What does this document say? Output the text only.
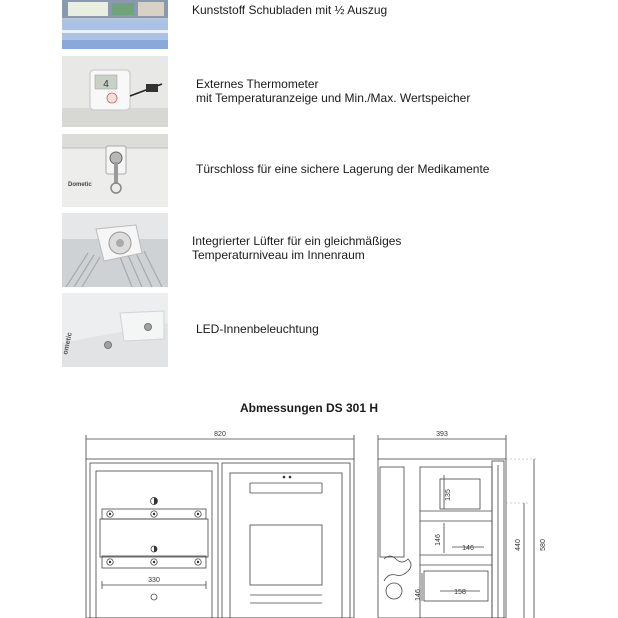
Kunststoff Schubladen mit ½ Auszug
4	Externes Thermometer
mit Temperaturanzeige und Min./Max. Wertspeicher
Dometic
Türschloss für eine sichere Lagerung der Medikamente
Integrierter Lüfter für ein gleichmäßiges
Temperaturniveau im Innenraum
ometic
LED-Innenbeleuchtung
Abmessungen DS 301 H
820	393
330
135
146
146
146	158
440	580
